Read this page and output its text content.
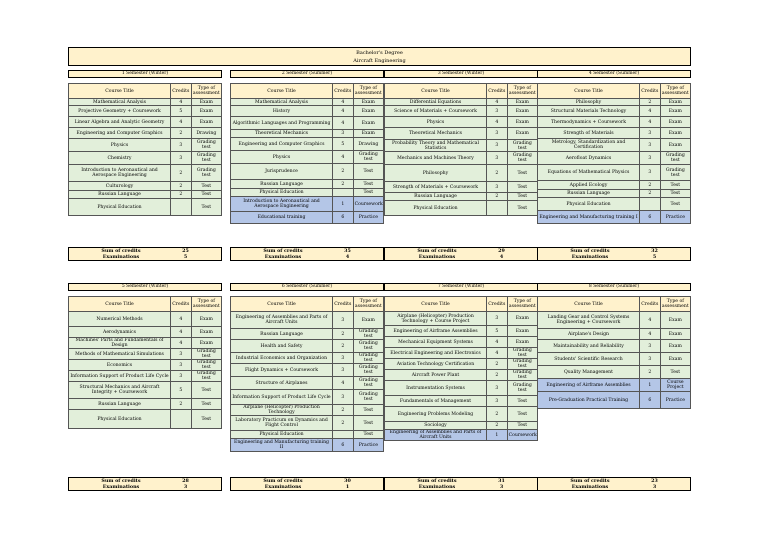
Bachelor's Degree
Aircraft Engineering
1 Semester (Winter)
Course Title	Credits	Type of assessment
Mathematical Analysis	4	Exam
Projective Geometry + Coursework	5	Exam
Linear Algebra and Analytic Geometry	4	Exam
Engineering and Computer Graphics	2	Drawing
Physics	3	Grading test
Chemistry	3	Grading test
Introduction to Aeronautical and Aerospace Engineering	2	Grading test
Culturology	2	Test
Russian Language	2	Test
Physical Education		Test
2 Semester (Summer)
Course Title	Credits	Type of assessment
Mathematical Analysis	4	Exam
History	4	Exam
Algorithmic Languages and Programming	4	Exam
Theoretical Mechanics	3	Exam
Engineering and Computer Graphics	5	Drawing
Physics	4	Grading test
Jurisprudence	2	Test
Russian Language	2	Test
Physical Education		Test
Introduction to Aeronautical and Aerospace Engineering	1	Coursework
Educational training	6	Practice
3 Semester (Winter)
Course Title	Credits	Type of assessment
Differential Equations	4	Exam
Science of Materials + Coursework	3	Exam
Physics	4	Exam
Theoretical Mechanics	3	Exam
Probability Theory and Mathematical Statistics	3	Grading test
Mechanics and Machines Theory	3	Grading test
Philosophy	2	Test
Strength of Materials + Coursework	3	Test
Russian Language	2	Test
Physical Education		Test
4 Semester (Summer)
Course Title	Credits	Type of assessment
Philosophy	2	Exam
Structural Materials Technology	4	Exam
Thermodynamics + Coursework	4	Exam
Strength of Materials	3	Exam
Metrology, Standardization and Certification	3	Exam
Aerofloat Dynamics	3	Grading test
Equations of Mathematical Physics	3	Grading test
Applied Ecology	2	Test
Russian Language	2	Test
Physical Education		Test
Engineering and Manufacturing training I	6	Practice
5 Semester (Winter)
Course Title	Credits	Type of assessment
Numerical Methods	4	Exam
Aerodynamics	4	Exam
Machines' Parts and Fundamentals of Design	4	Exam
Methods of Mathematical Simulations	3	Grading test
Economics	3	Grading test
Information Support of Product Life Cycle	3	Grading test
Structural Mechanics and Aircraft Integrity + Coursework	5	Test
Russian Language	2	Test
Physical Education		Test
6 Semester (Summer)
Course Title	Credits	Type of assessment
Engineering of Assemblies and Parts of Aircraft Units	3	Exam
Russian Language	2	Grading test
Health and Safety	2	Grading test
Industrial Economics and Organization	3	Grading test
Flight Dynamics + Coursework	3	Grading test
Structure of Airplanes	4	Grading test
Information Support of Product Life Cycle	3	Grading test
Airplane (Helicopter) Production Technology	2	Test
Laboratory Practicum on Dynamics and Flight Control	2	Test
Physical Education		Test
Engineering and Manufacturing training II	6	Practice
7 Semester (Winter)
Course Title	Credits	Type of assessment
Airplane (Helicopter) Production Technology + Course Project	3	Exam
Engineering of Airframe Assemblies	5	Exam
Mechanical Equipment Systems	4	Exam
Electrical Engineering and Electronics	4	Grading test
Aviation Technology Certification	2	Grading test
Aircraft Power Plant	2	Grading test
Instrumentation Systems	3	Grading test
Fundamentals of Management	3	Test
Engineering Problems Modeling	2	Test
Sociology	2	Test
Engineering of Assemblies and Parts of Aircraft Units	1	Coursework
8 Semester (Summer)
Course Title	Credits	Type of assessment
Landing Gear and Control Systems Engineering + Coursework	4	Exam
Airplane's Design	4	Exam
Maintainability and Reliability	3	Exam
Students' Scientific Research	3	Exam
Quality Management	2	Test
Engineering of Airframe Assemblies	1	Course Project
Pre-Graduation Practical Training	6	Practice
Sum of credits	25
Examinations	5
Sum of credits	35
Examinations	4
Sum of credits	29
Examinations	4
Sum of credits	32
Examinations	5
Sum of credits	28
Examinations	3
Sum of credits	30
Examinations	1
Sum of credits	31
Examinations	3
Sum of credits	23
Examinations	3
